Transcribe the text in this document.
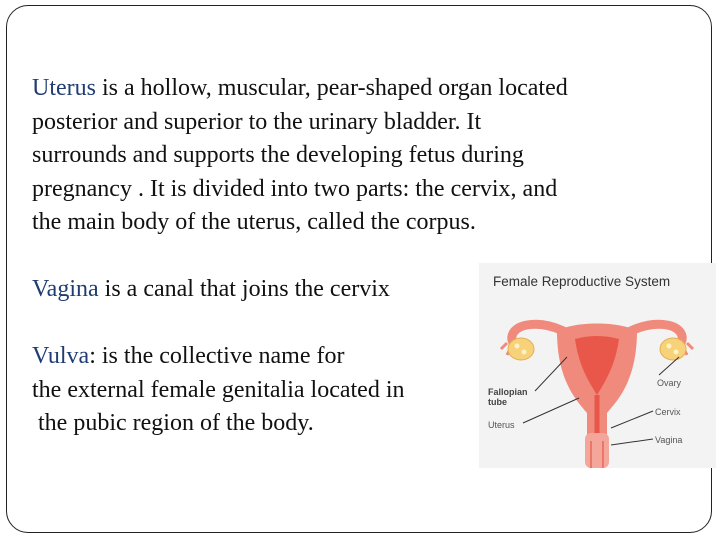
Uterus is a hollow, muscular, pear-shaped organ located
posterior and superior to the urinary bladder. It
surrounds and supports the developing fetus during
pregnancy . It is divided into two parts: the cervix, and
the main body of the uterus, called the corpus.

Vagina is a canal that joins the cervix

Vulva: is the collective name for
the external female genitalia located in
the pubic region of the body.

Female Reproductive System
Ovary
Fallopian tube
Cervix
Uterus
Vagina
